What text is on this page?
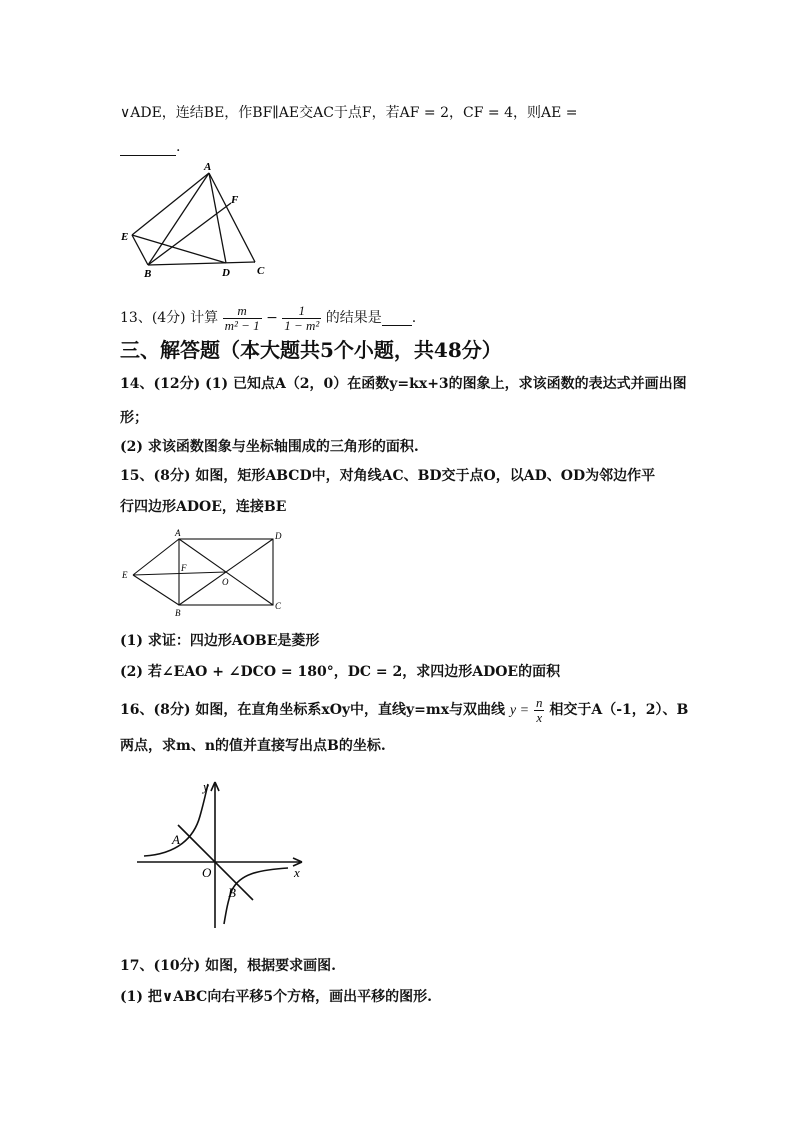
∨ADE，连结BE，作BF∥AE交AC于点F，若AF = 2，CF = 4，则AE =
.
A
F
E
B	D C
13、(4分) 计算 $\frac{m}{\text{m² − 1}} - \frac{1}{\text{1 − m²}}$ 的结果是 .
三、解答题（本大题共5个小题，共48分）
14、(12分) (1) 已知点A（2，0）在函数y=kx+3的图象上，求该函数的表达式并画出图
形；
(2) 求该函数图象与坐标轴围成的三角形的面积.
15、(8分) 如图，矩形ABCD中，对角线AC、BD交于点O，以AD、OD为邻边作平
行四边形ADOE，连接BE
A	D
F
E
O
B
C
(1) 求证：四边形AOBE是菱形
(2) 若∠EAO + ∠DCO = 180°，DC = 2，求四边形ADOE的面积
16、(8分) 如图，在直角坐标系xOy中，直线y=mx与双曲线 $y = \frac{n}{x}$ 相交于A（-1，2）、B
两点，求m、n的值并直接写出点B的坐标.
y
A
O	x
B
17、(10分) 如图，根据要求画图.
(1) 把∨ABC向右平移5个方格，画出平移的图形.
